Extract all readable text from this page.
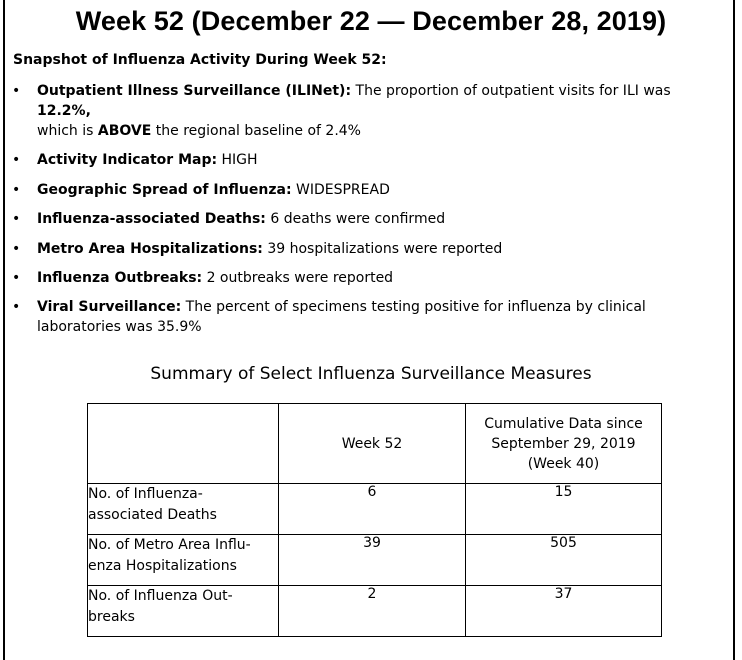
Week 52 (December 22 — December 28, 2019)
Snapshot of Influenza Activity During Week 52:
• Outpatient Illness Surveillance (ILINet): The proportion of outpatient visits for ILI was 12.2%,
which is ABOVE the regional baseline of 2.4%
• Activity Indicator Map: HIGH
• Geographic Spread of Influenza: WIDESPREAD
• Influenza-associated Deaths: 6 deaths were confirmed
• Metro Area Hospitalizations: 39 hospitalizations were reported
• Influenza Outbreaks: 2 outbreaks were reported
• Viral Surveillance: The percent of specimens testing positive for influenza by clinical laboratories was 35.9%
Summary of Select Influenza Surveillance Measures
	Week 52	Cumulative Data since
September 29, 2019
(Week 40)
No. of Influenza-
associated Deaths	6	15
No. of Metro Area Influ-
enza Hospitalizations	39	505
No. of Influenza Out-
breaks	2	37
